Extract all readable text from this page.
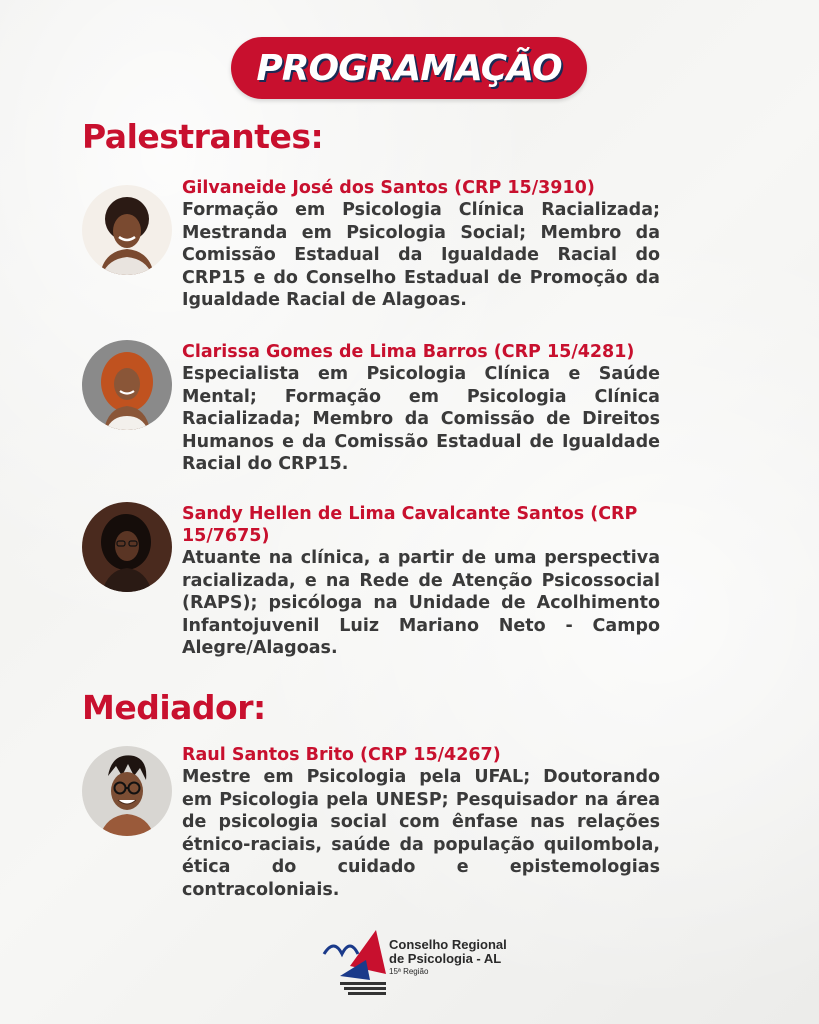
PROGRAMAÇÃO
Palestrantes:
Gilvaneide José dos Santos (CRP 15/3910)
Formação em Psicologia Clínica Racializada; Mestranda em Psicologia Social; Membro da Comissão Estadual da Igualdade Racial do CRP15 e do Conselho Estadual de Promoção da Igualdade Racial de Alagoas.
Clarissa Gomes de Lima Barros (CRP 15/4281)
Especialista em Psicologia Clínica e Saúde Mental; Formação em Psicologia Clínica Racializada; Membro da Comissão de Direitos Humanos e da Comissão Estadual de Igualdade Racial do CRP15.
Sandy Hellen de Lima Cavalcante Santos (CRP 15/7675)
Atuante na clínica, a partir de uma perspectiva racializada, e na Rede de Atenção Psicossocial (RAPS); psicóloga na Unidade de Acolhimento Infantojuvenil Luiz Mariano Neto - Campo Alegre/Alagoas.
Mediador:
Raul Santos Brito (CRP 15/4267)
Mestre em Psicologia pela UFAL; Doutorando em Psicologia pela UNESP; Pesquisador na área de psicologia social com ênfase nas relações étnico-raciais, saúde da população quilombola, ética do cuidado e epistemologias contracoloniais.
Conselho Regional
de Psicologia - AL
15ª Região
